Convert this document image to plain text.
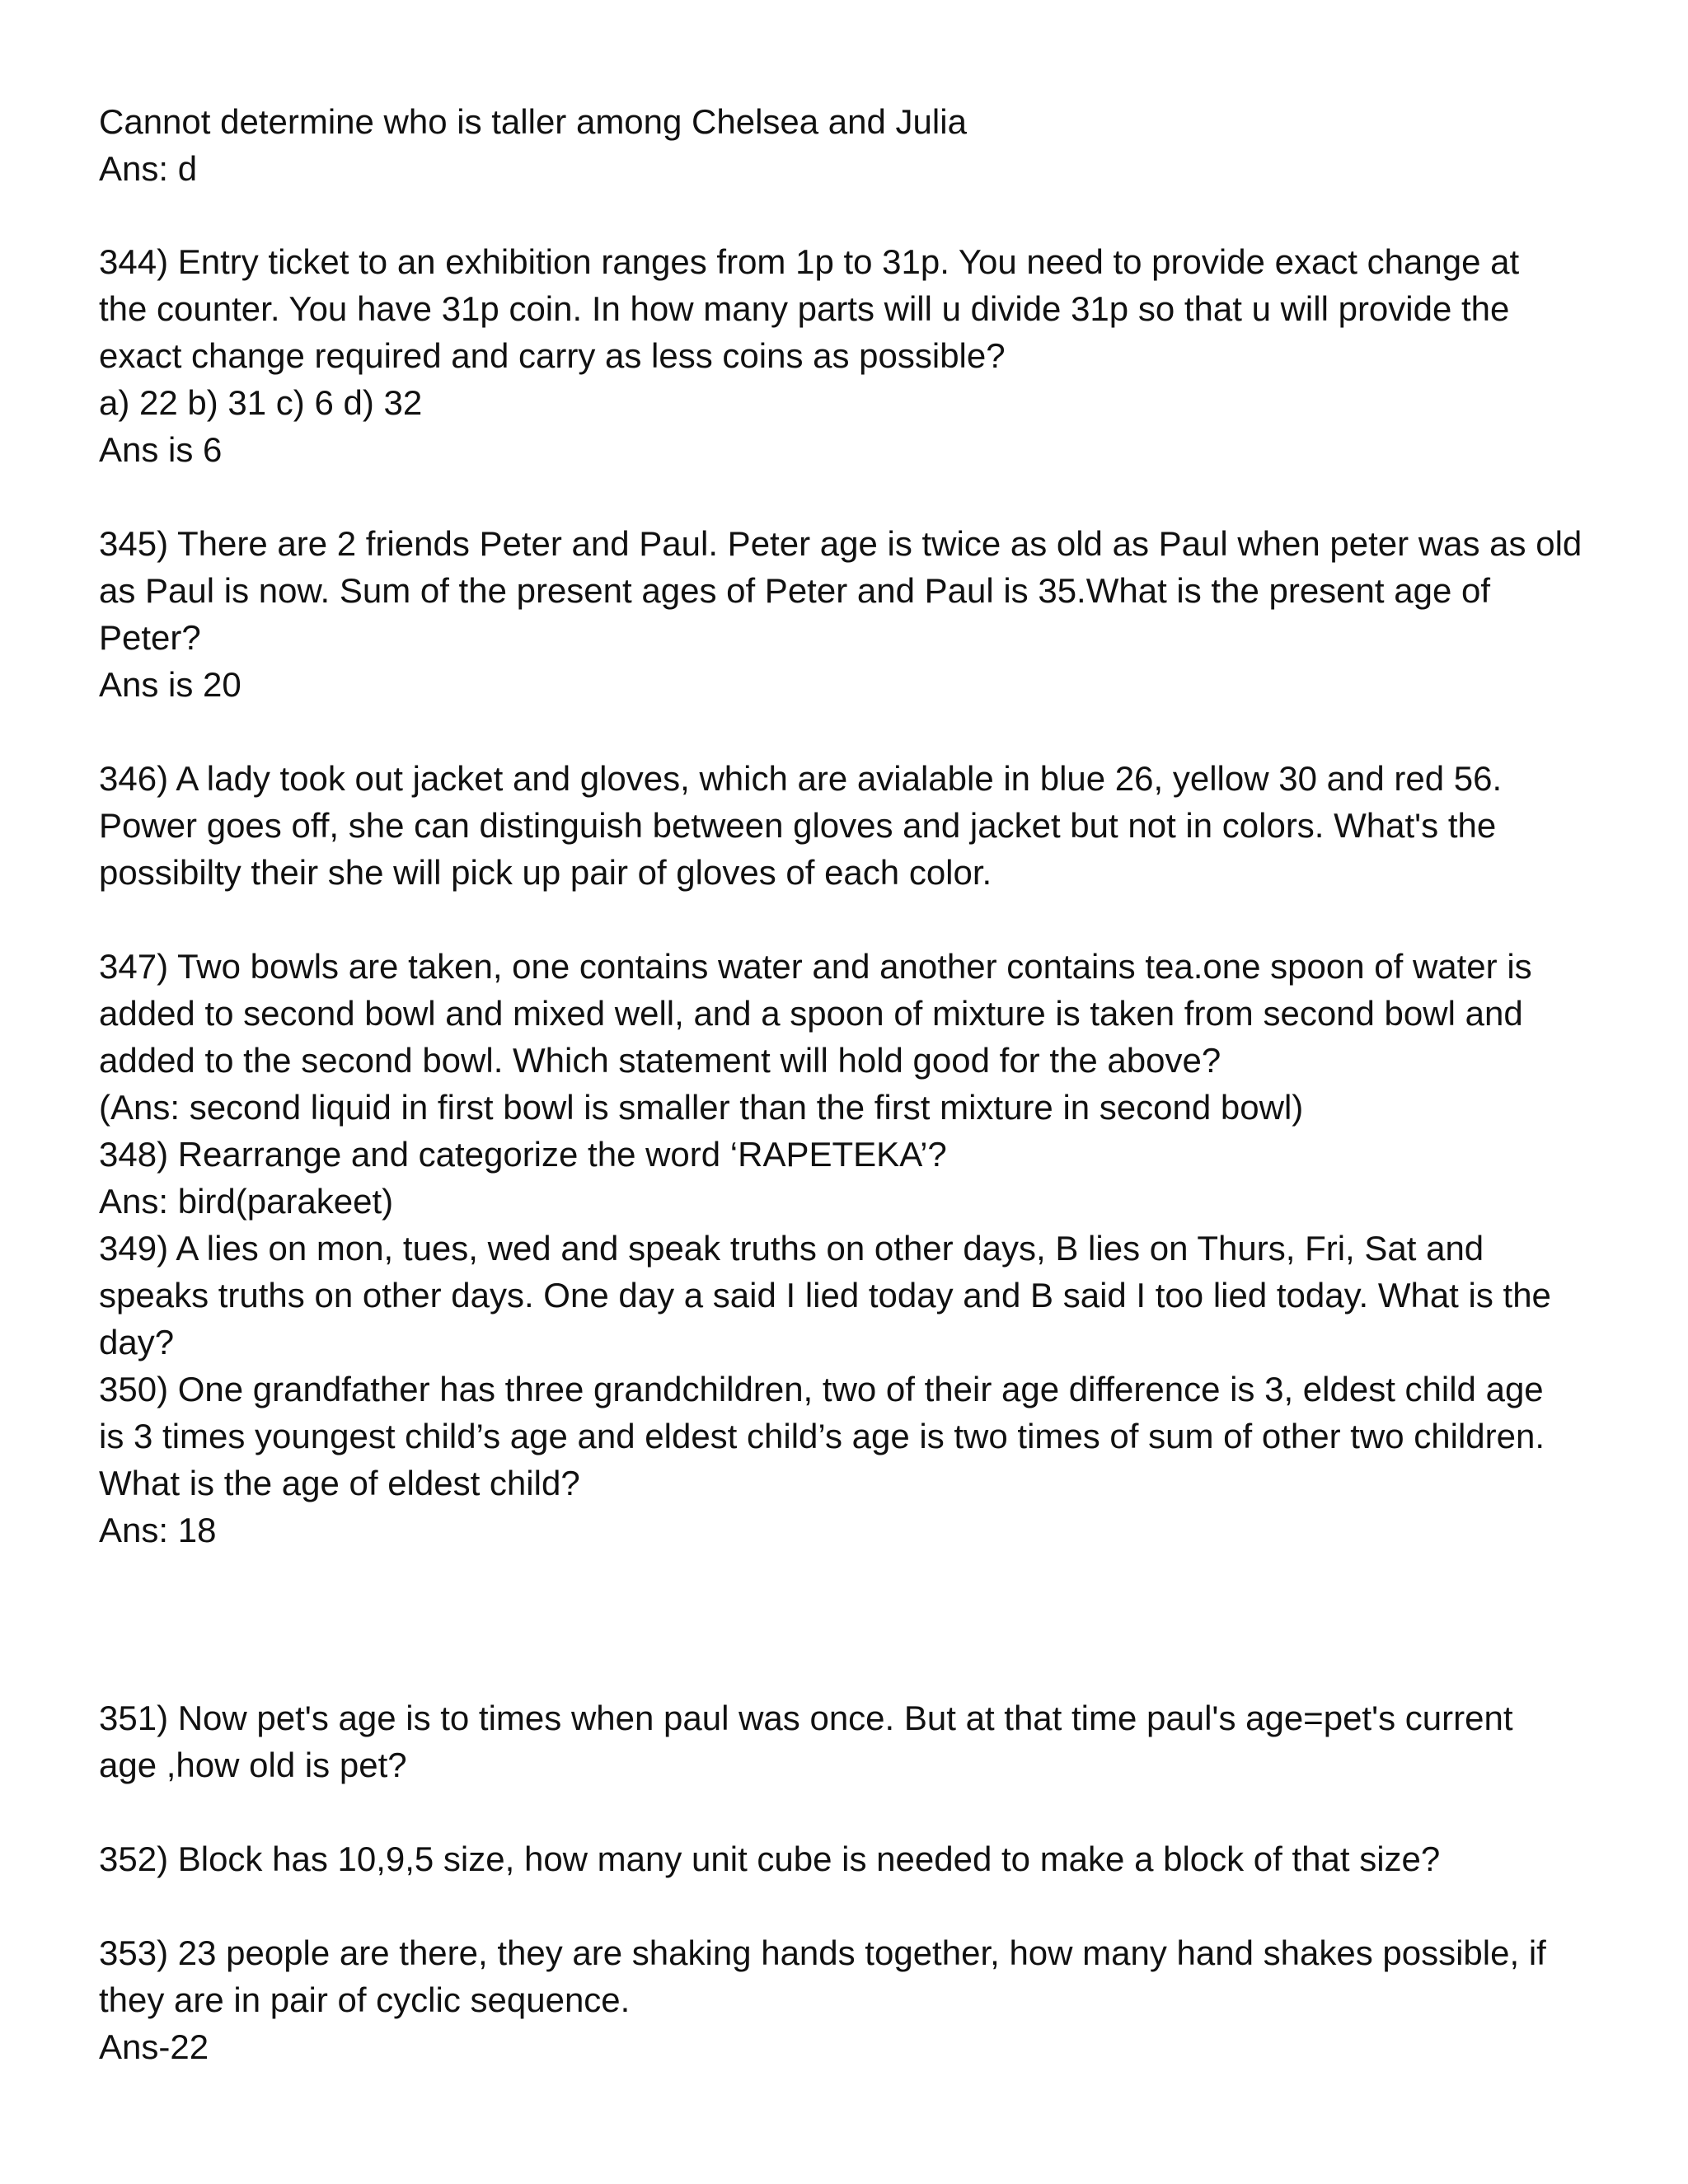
Cannot determine who is taller among Chelsea and Julia
Ans: d
344) Entry ticket to an exhibition ranges from 1p to 31p. You need to provide exact change at
the counter. You have 31p coin. In how many parts will u divide 31p so that u will provide the
exact change required and carry as less coins as possible?
a) 22 b) 31 c) 6 d) 32
Ans is 6
345) There are 2 friends Peter and Paul. Peter age is twice as old as Paul when peter was as old
as Paul is now. Sum of the present ages of Peter and Paul is 35.What is the present age of
Peter?
Ans is 20
346) A lady took out jacket and gloves, which are avialable in blue 26, yellow 30 and red 56.
Power goes off, she can distinguish between gloves and jacket but not in colors. What's the
possibilty their she will pick up pair of gloves of each color.
347) Two bowls are taken, one contains water and another contains tea.one spoon of water is
added to second bowl and mixed well, and a spoon of mixture is taken from second bowl and
added to the second bowl. Which statement will hold good for the above?
(Ans: second liquid in first bowl is smaller than the first mixture in second bowl)
348) Rearrange and categorize the word ‘RAPETEKA’?
Ans: bird(parakeet)
349) A lies on mon, tues, wed and speak truths on other days, B lies on Thurs, Fri, Sat and
speaks truths on other days. One day a said I lied today and B said I too lied today. What is the
day?
350) One grandfather has three grandchildren, two of their age difference is 3, eldest child age
is 3 times youngest child’s age and eldest child’s age is two times of sum of other two children.
What is the age of eldest child?
Ans: 18
351) Now pet's age is to times when paul was once. But at that time paul's age=pet's current
age ,how old is pet?
352) Block has 10,9,5 size, how many unit cube is needed to make a block of that size?
353) 23 people are there, they are shaking hands together, how many hand shakes possible, if
they are in pair of cyclic sequence.
Ans-22
